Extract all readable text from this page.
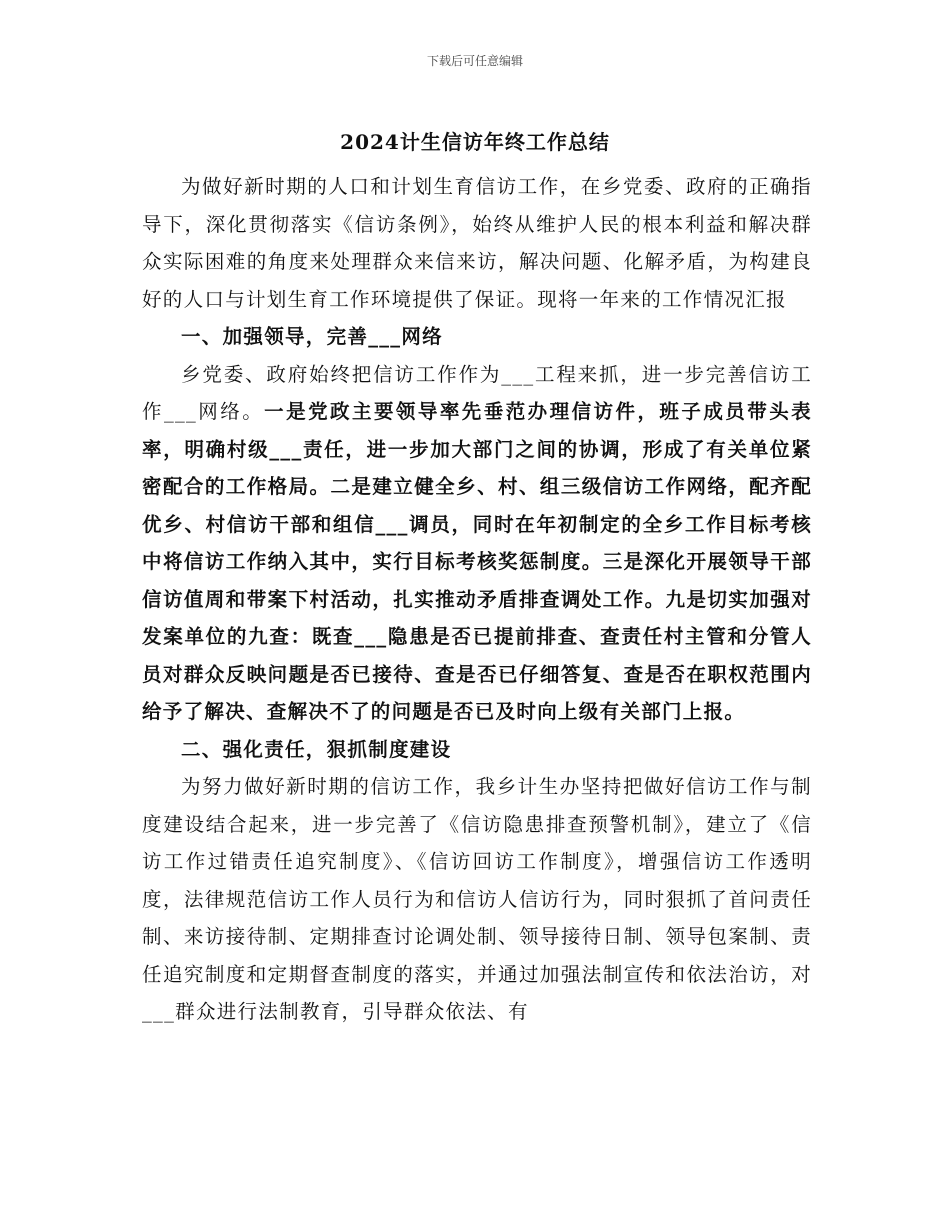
下载后可任意编辑
2024计生信访年终工作总结

为做好新时期的人口和计划生育信访工作，在乡党委、政府的正确指导下，深化贯彻落实《信访条例》，始终从维护人民的根本利益和解决群众实际困难的角度来处理群众来信来访，解决问题、化解矛盾，为构建良好的人口与计划生育工作环境提供了保证。现将一年来的工作情况汇报

一、加强领导，完善___网络

乡党委、政府始终把信访工作作为___工程来抓，进一步完善信访工作___网络。一是党政主要领导率先垂范办理信访件，班子成员带头表率，明确村级___责任，进一步加大部门之间的协调，形成了有关单位紧密配合的工作格局。二是建立健全乡、村、组三级信访工作网络，配齐配优乡、村信访干部和组信___调员，同时在年初制定的全乡工作目标考核中将信访工作纳入其中，实行目标考核奖惩制度。三是深化开展领导干部信访值周和带案下村活动，扎实推动矛盾排查调处工作。九是切实加强对发案单位的九查：既查___隐患是否已提前排查、查责任村主管和分管人员对群众反映问题是否已接待、查是否已仔细答复、查是否在职权范围内给予了解决、查解决不了的问题是否已及时向上级有关部门上报。

二、强化责任，狠抓制度建设

为努力做好新时期的信访工作，我乡计生办坚持把做好信访工作与制度建设结合起来，进一步完善了《信访隐患排查预警机制》，建立了《信访工作过错责任追究制度》、《信访回访工作制度》，增强信访工作透明度，法律规范信访工作人员行为和信访人信访行为，同时狠抓了首问责任制、来访接待制、定期排查讨论调处制、领导接待日制、领导包案制、责任追究制度和定期督查制度的落实，并通过加强法制宣传和依法治访，对___群众进行法制教育，引导群众依法、有
